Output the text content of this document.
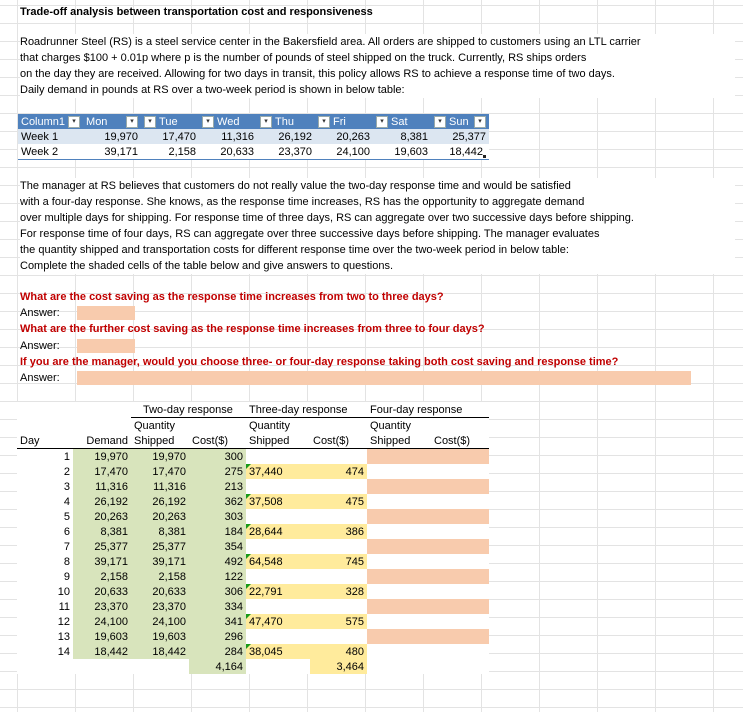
Trade-off analysis between transportation cost and responsiveness
Roadrunner Steel (RS) is a steel service center in the Bakersfield area. All orders are shipped to customers using an LTL carrier
that charges $100 + 0.01p where p is the number of pounds of steel shipped on the truck. Currently, RS ships orders
on the day they are received. Allowing for two days in transit, this policy allows RS to achieve a response time of two days.
Daily demand in pounds at RS over a two-week period is shown in below table:
Column1 ▾	Mon ▾	▾ Tue	▾ Wed	▾ Thu	▾ Fri	▾ Sat	▾ Sun ▾

Week 1	19,970	17,470	11,316	26,192	20,263	8,381	25,377
Week 2	39,171	2,158	20,633	23,370	24,100	19,603	18,442
The manager at RS believes that customers do not really value the two-day response time and would be satisfied
with a four-day response. She knows, as the response time increases, RS has the opportunity to aggregate demand
over multiple days for shipping. For response time of three days, RS can aggregate over two successive days before shipping.
For response time of four days, RS can aggregate over three successive days before shipping. The manager evaluates
the quantity shipped and transportation costs for different response time over the two-week period in below table:
Complete the shaded cells of the table below and give answers to questions.
What are the cost saving as the response time increases from two to three days?
Answer:
What are the further cost saving as the response time increases from three to four days?
Answer:
If you are the manager, would you choose three- or four-day response taking both cost saving and response time?
Answer:
		Two-day response		Three-day response		Four-day response	
		Quantity		Quantity		Quantity	
Day	Demand	Shipped	Cost($)	Shipped	Cost($)	Shipped	Cost($)
1	19,970	19,970	300				
2	17,470	17,470	275	37,440	474		
3	11,316	11,316	213				
4	26,192	26,192	362	37,508	475		
5	20,263	20,263	303				
6	8,381	8,381	184	28,644	386		
7	25,377	25,377	354				
8	39,171	39,171	492	64,548	745		
9	2,158	2,158	122				
10	20,633	20,633	306	22,791	328		
11	23,370	23,370	334				
12	24,100	24,100	341	47,470	575		
13	19,603	19,603	296				
14	18,442	18,442	284	38,045	480		
			4,164		3,464		
